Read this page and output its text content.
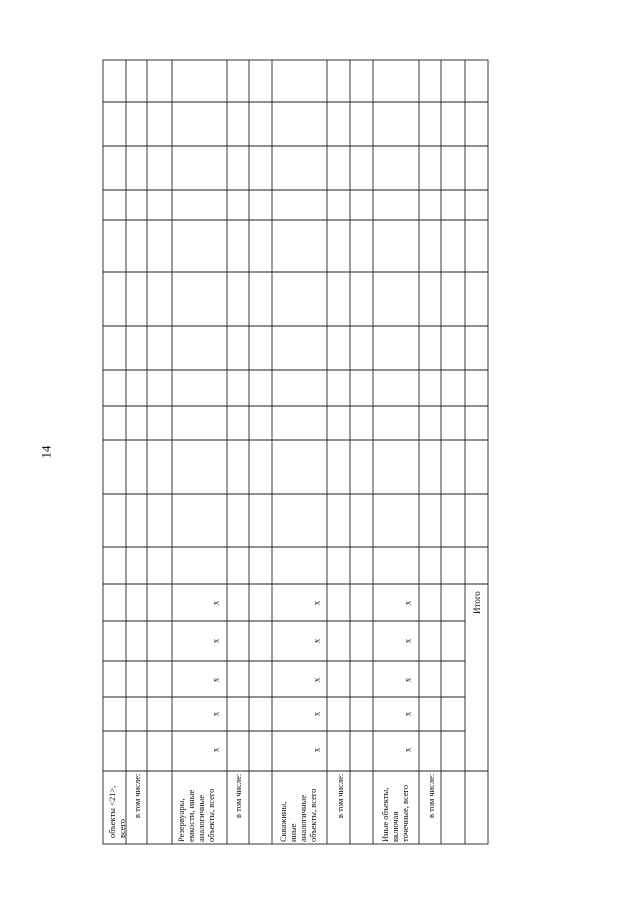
14
объекты <21>, всего
в том числе:
Резервуары, емкости, иные аналогичные объекты, всего в том числе:
Скважины, иные аналогичные объекты, всего в том числе:	Иные объекты, включая точечные, всего в том числе:
x
x
x
x
x
x
x
x
x
x
x
x
x
x
x	Итого
